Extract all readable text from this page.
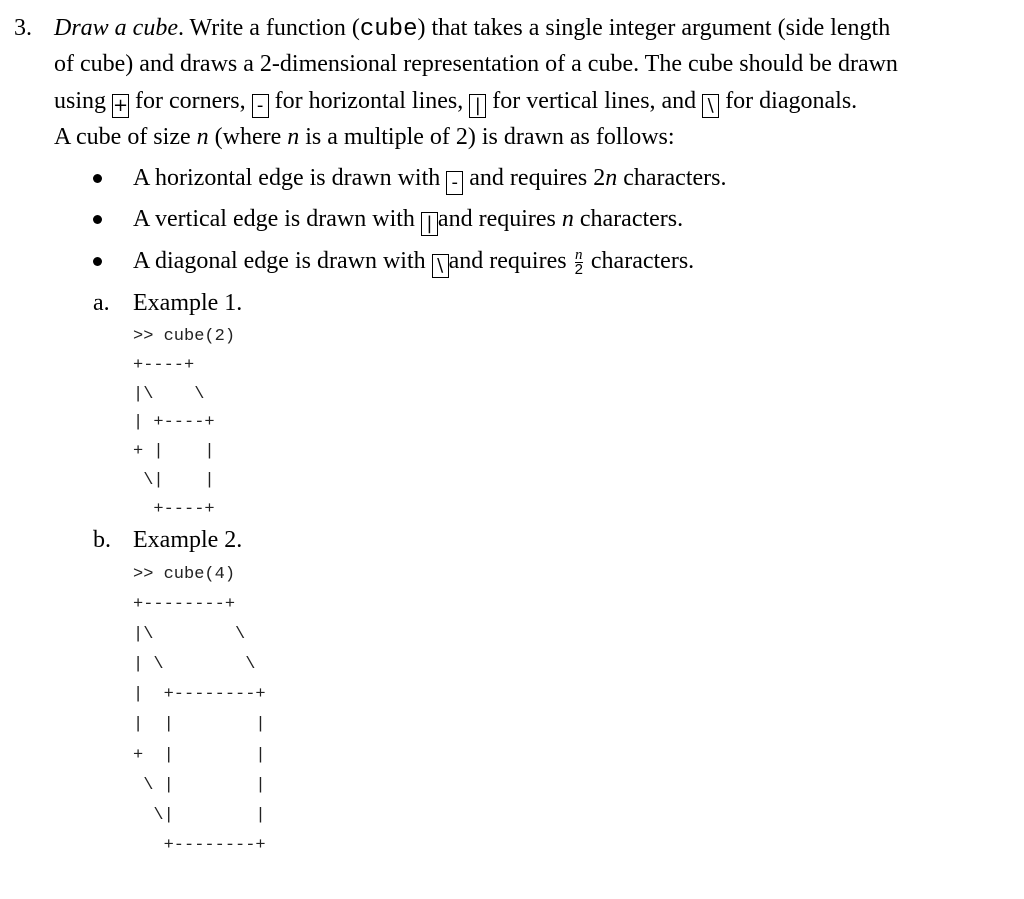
3. Draw a cube. Write a function (cube) that takes a single integer argument (side length
of cube) and draws a 2-dimensional representation of a cube. The cube should be drawn
using + for corners, - for horizontal lines, | for vertical lines, and \ for diagonals.
A cube of size n (where n is a multiple of 2) is drawn as follows:
A horizontal edge is drawn with - and requires 2n characters.
A vertical edge is drawn with | and requires n characters.
A diagonal edge is drawn with \ and requires $\frac{n}{2}$ characters.
a. Example 1.
>> cube(2)
+----+
|\    \
| +----+
+ |    |
\|    |
+----+
b. Example 2.
>> cube(4)
+--------+
|\        \
| \        \
|  +--------+
|  |        |
+  |        |
\ |        |
\|        |
+--------+
